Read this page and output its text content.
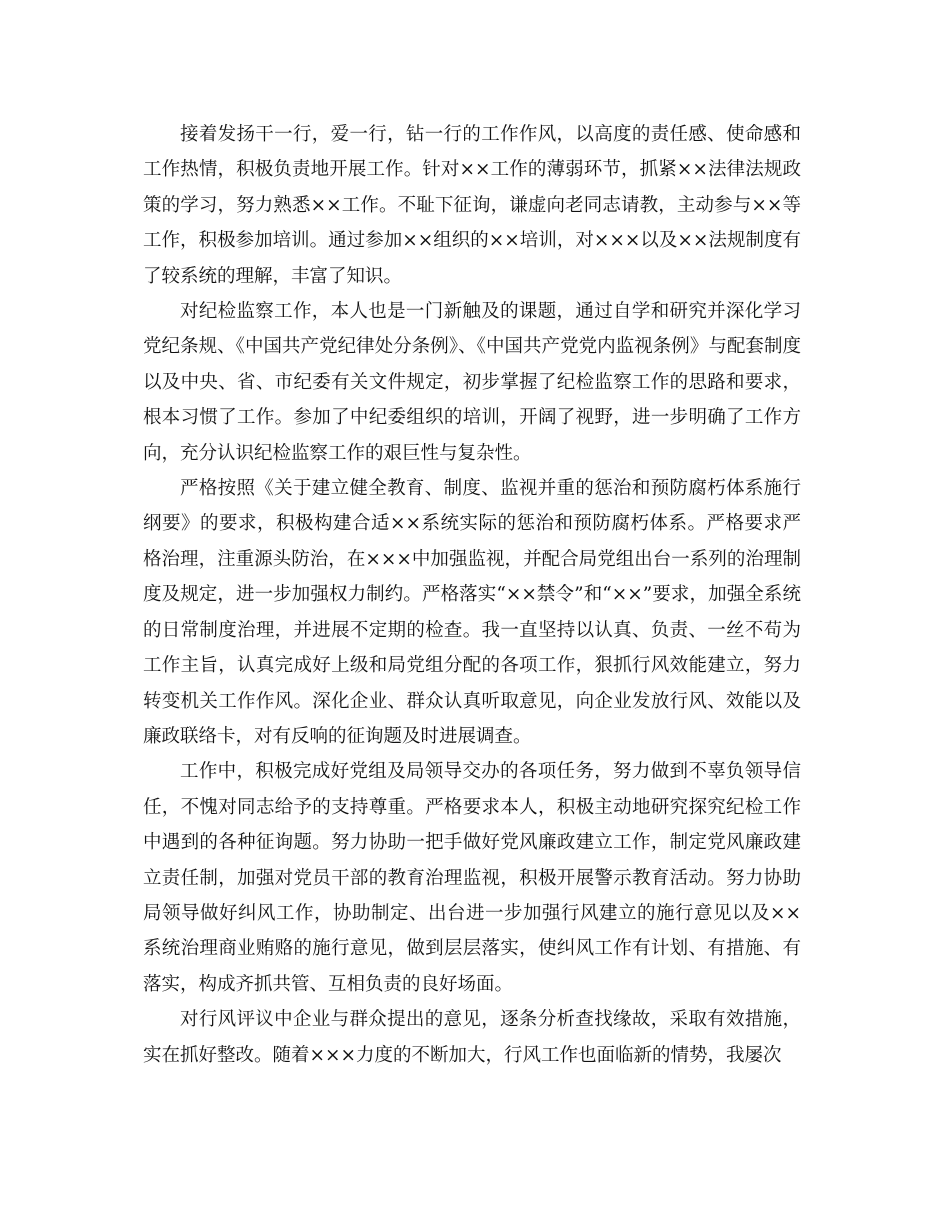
接着发扬干一行，爱一行，钻一行的工作作风，以高度的责任感、使命感和工作热情，积极负责地开展工作。针对××工作的薄弱环节，抓紧××法律法规政策的学习，努力熟悉××工作。不耻下征询，谦虚向老同志请教，主动参与××等工作，积极参加培训。通过参加××组织的××培训，对×××以及××法规制度有了较系统的理解，丰富了知识。

对纪检监察工作，本人也是一门新触及的课题，通过自学和研究并深化学习党纪条规、《中国共产党纪律处分条例》、《中国共产党党内监视条例》与配套制度以及中央、省、市纪委有关文件规定，初步掌握了纪检监察工作的思路和要求，根本习惯了工作。参加了中纪委组织的培训，开阔了视野，进一步明确了工作方向，充分认识纪检监察工作的艰巨性与复杂性。

严格按照《关于建立健全教育、制度、监视并重的惩治和预防腐朽体系施行纲要》的要求，积极构建合适××系统实际的惩治和预防腐朽体系。严格要求严格治理，注重源头防治，在×××中加强监视，并配合局党组出台一系列的治理制度及规定，进一步加强权力制约。严格落实“××禁令”和“××”要求，加强全系统的日常制度治理，并进展不定期的检查。我一直坚持以认真、负责、一丝不苟为工作主旨，认真完成好上级和局党组分配的各项工作，狠抓行风效能建立，努力转变机关工作作风。深化企业、群众认真听取意见，向企业发放行风、效能以及廉政联络卡，对有反响的征询题及时进展调查。

工作中，积极完成好党组及局领导交办的各项任务，努力做到不辜负领导信任，不愧对同志给予的支持尊重。严格要求本人，积极主动地研究探究纪检工作中遇到的各种征询题。努力协助一把手做好党风廉政建立工作，制定党风廉政建立责任制，加强对党员干部的教育治理监视，积极开展警示教育活动。努力协助局领导做好纠风工作，协助制定、出台进一步加强行风建立的施行意见以及××系统治理商业贿赂的施行意见，做到层层落实，使纠风工作有计划、有措施、有落实，构成齐抓共管、互相负责的良好场面。

对行风评议中企业与群众提出的意见，逐条分析查找缘故，采取有效措施，实在抓好整改。随着×××力度的不断加大，行风工作也面临新的情势，我屡次
